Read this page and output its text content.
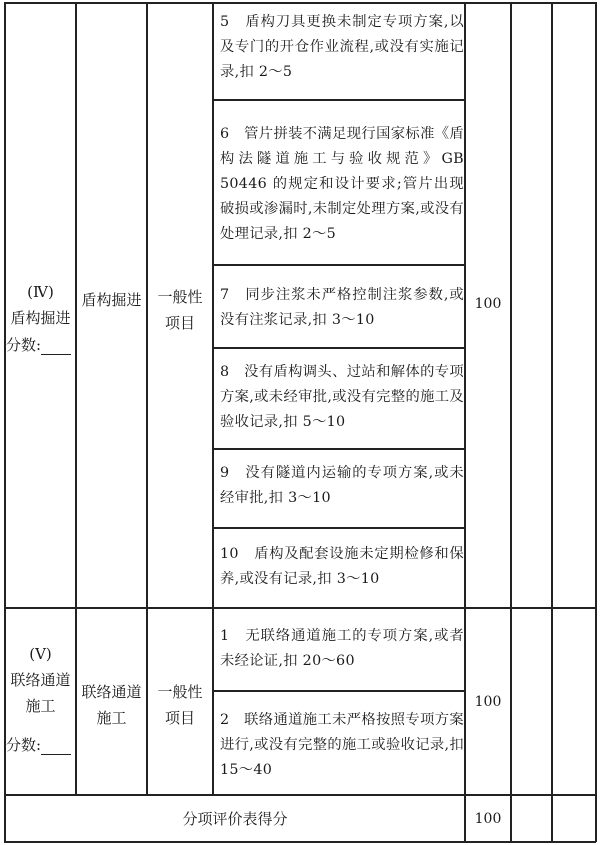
(Ⅳ)
盾构掘进
分数:
盾构掘进 一般性
项目
5　盾构刀具更换未制定专项方案,以及专门的开仓作业流程,或没有实施记录,扣 2～5
6　管片拼装不满足现行国家标准《盾构法隧道施工与验收规范》GB 50446 的规定和设计要求;管片出现破损或渗漏时,未制定处理方案,或没有处理记录,扣 2～5
7　同步注浆未严格控制注浆参数,或没有注浆记录,扣 3～10
8　没有盾构调头、过站和解体的专项方案,或未经审批,或没有完整的施工及验收记录,扣 5～10
9　没有隧道内运输的专项方案,或未经审批,扣 3～10
10　盾构及配套设施未定期检修和保养,或没有记录,扣 3～10
100
(Ⅴ)
联络通道
施工
分数:
联络通道
施工
一般性
项目
1　无联络通道施工的专项方案,或者未经论证,扣 20～60
2　联络通道施工未严格按照专项方案进行,或没有完整的施工或验收记录,扣 15～40
100
分项评价表得分	100
